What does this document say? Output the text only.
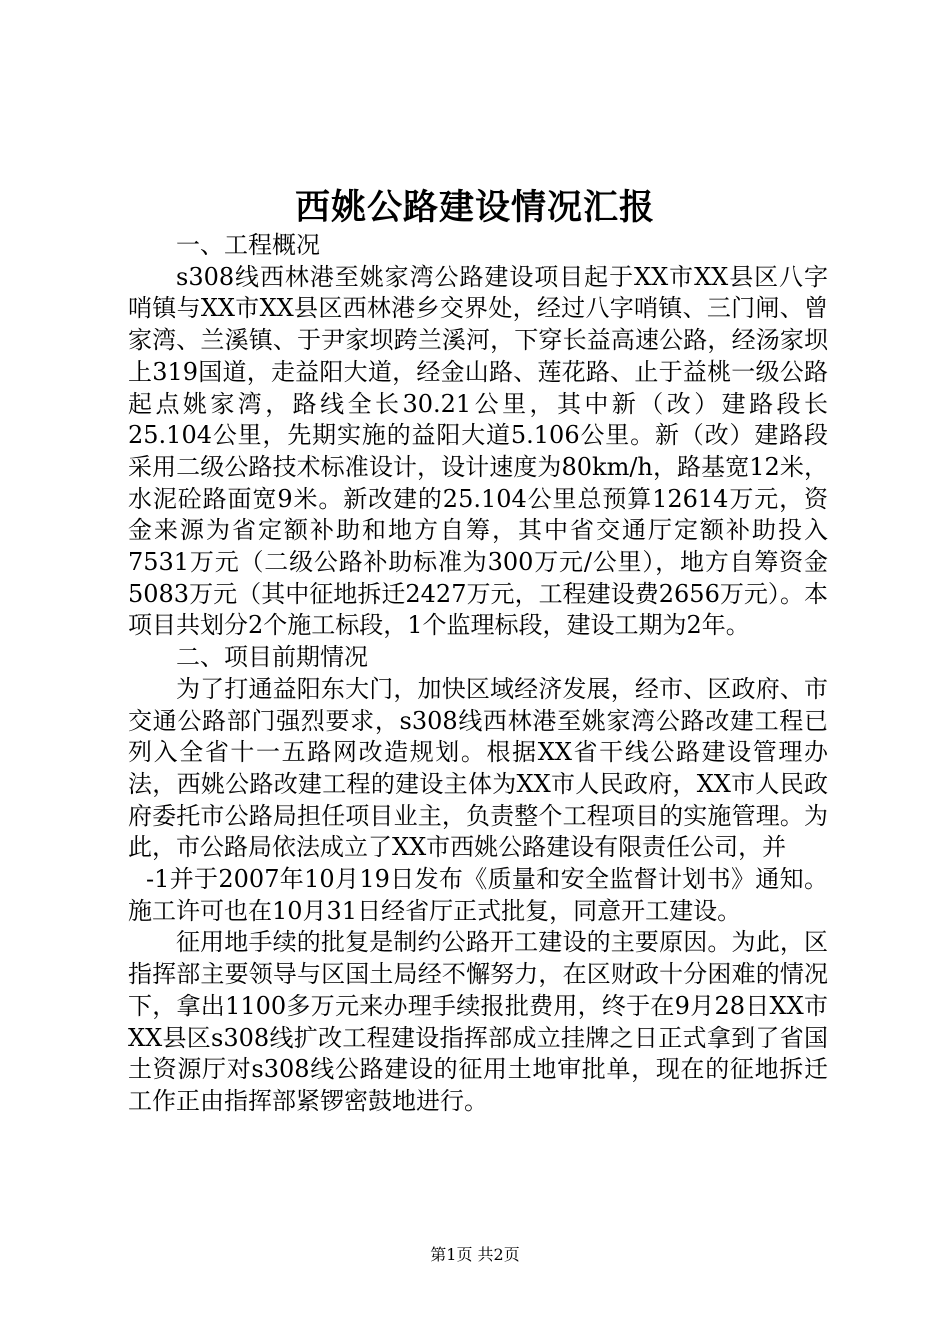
西姚公路建设情况汇报

一、工程概况

s308线西林港至姚家湾公路建设项目起于XX市XX县区八字哨镇与XX市XX县区西林港乡交界处，经过八字哨镇、三门闸、曾家湾、兰溪镇、于尹家坝跨兰溪河，下穿长益高速公路，经汤家坝上319国道，走益阳大道，经金山路、莲花路、止于益桃一级公路起点姚家湾，路线全长30.21公里，其中新（改）建路段长25.104公里，先期实施的益阳大道5.106公里。新（改）建路段采用二级公路技术标准设计，设计速度为80km/h，路基宽12米，水泥砼路面宽9米。新改建的25.104公里总预算12614万元，资金来源为省定额补助和地方自筹，其中省交通厅定额补助投入7531万元（二级公路补助标准为300万元/公里），地方自筹资金5083万元（其中征地拆迁2427万元，工程建设费2656万元）。本项目共划分2个施工标段，1个监理标段，建设工期为2年。

二、项目前期情况

为了打通益阳东大门，加快区域经济发展，经市、区政府、市交通公路部门强烈要求，s308线西林港至姚家湾公路改建工程已列入全省十一五路网改造规划。根据XX省干线公路建设管理办法，西姚公路改建工程的建设主体为XX市人民政府，XX市人民政府委托市公路局担任项目业主，负责整个工程项目的实施管理。为此，市公路局依法成立了XX市西姚公路建设有限责任公司，并

-1并于2007年10月19日发布《质量和安全监督计划书》通知。施工许可也在10月31日经省厅正式批复，同意开工建设。

征用地手续的批复是制约公路开工建设的主要原因。为此，区指挥部主要领导与区国土局经不懈努力，在区财政十分困难的情况下，拿出1100多万元来办理手续报批费用，终于在9月28日XX市XX县区s308线扩改工程建设指挥部成立挂牌之日正式拿到了省国土资源厅对s308线公路建设的征用土地审批单，现在的征地拆迁工作正由指挥部紧锣密鼓地进行。

第1页 共2页
